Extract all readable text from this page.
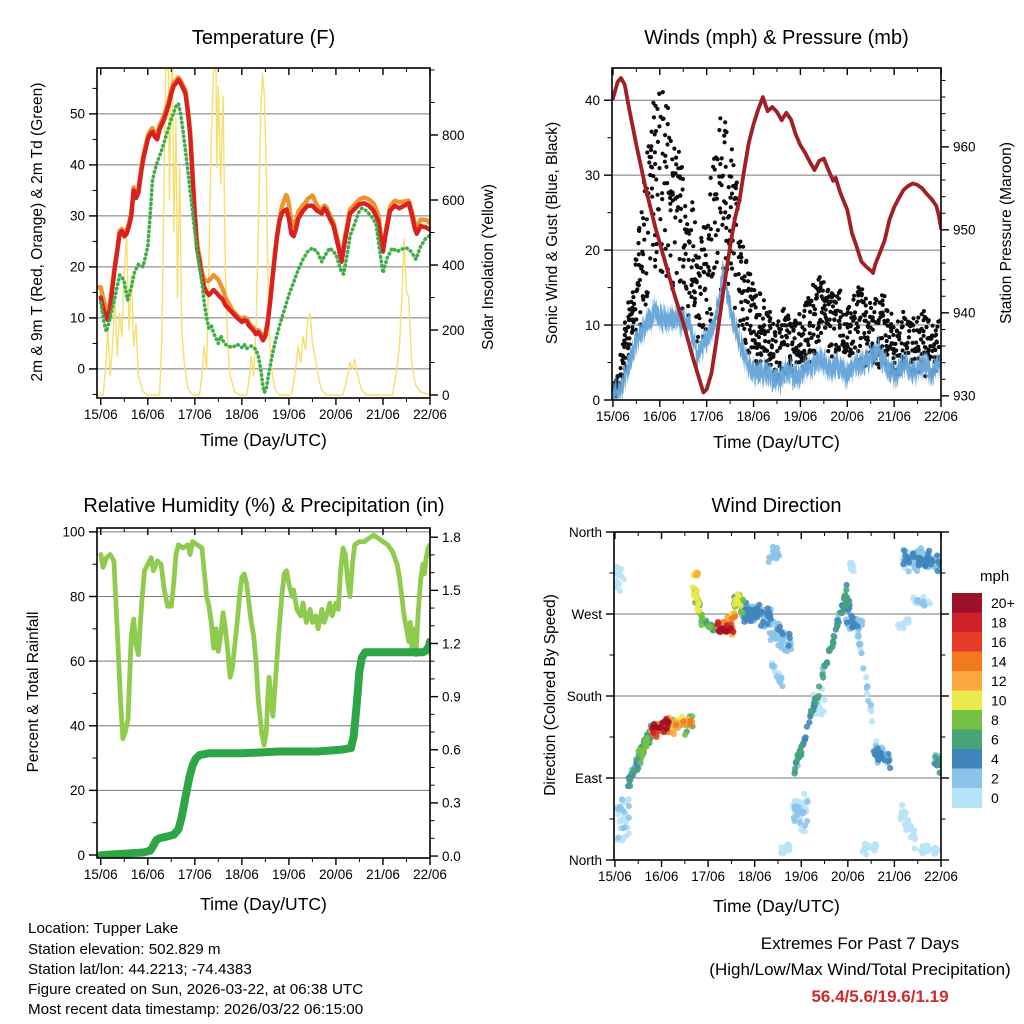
Temperature (F)	Winds (mph) & Pressure (mb)
Relative Humidity (%) & Precipitation (in)	Wind Direction
Time (Day/UTC)	Time (Day/UTC)
Time (Day/UTC)	Time (Day/UTC)
2m & 9m T (Red, Orange) & 2m Td (Green)	Solar Insolation (Yellow)	Sonic Wind & Gust (Blue, Black)	Station Pressure (Maroon)
Percent & Total Rainfall	Direction (Colored By Speed)
mph
Location: Tupper Lake
Station elevation: 502.829 m
Station lat/lon: 44.2213; -74.4383
Figure created on Sun, 2026-03-22, at 06:38 UTC
Most recent data timestamp: 2026/03/22 06:15:00
Extremes For Past 7 Days
(High/Low/Max Wind/Total Precipitation)
56.4/5.6/19.6/1.19
15/06 16/06 17/06 18/06 19/06 20/06 21/06 22/06
0
10
20
30
40
50
0
200
400
600
800
15/06 16/06 17/06 18/06 19/06 20/06 21/06 22/06
0
10
20
30
40
930
940
950
960
15/06 16/06 17/06 18/06 19/06 20/06 21/06 22/06
0
20
40
60
80
100
0.0
0.3
0.6
0.9
1.2
1.5
1.8
15/06 16/06 17/06 18/06 19/06 20/06 21/06 22/06
North
East
South
West
North
20+
18
16
14
12
10
8
6
4
2
0
